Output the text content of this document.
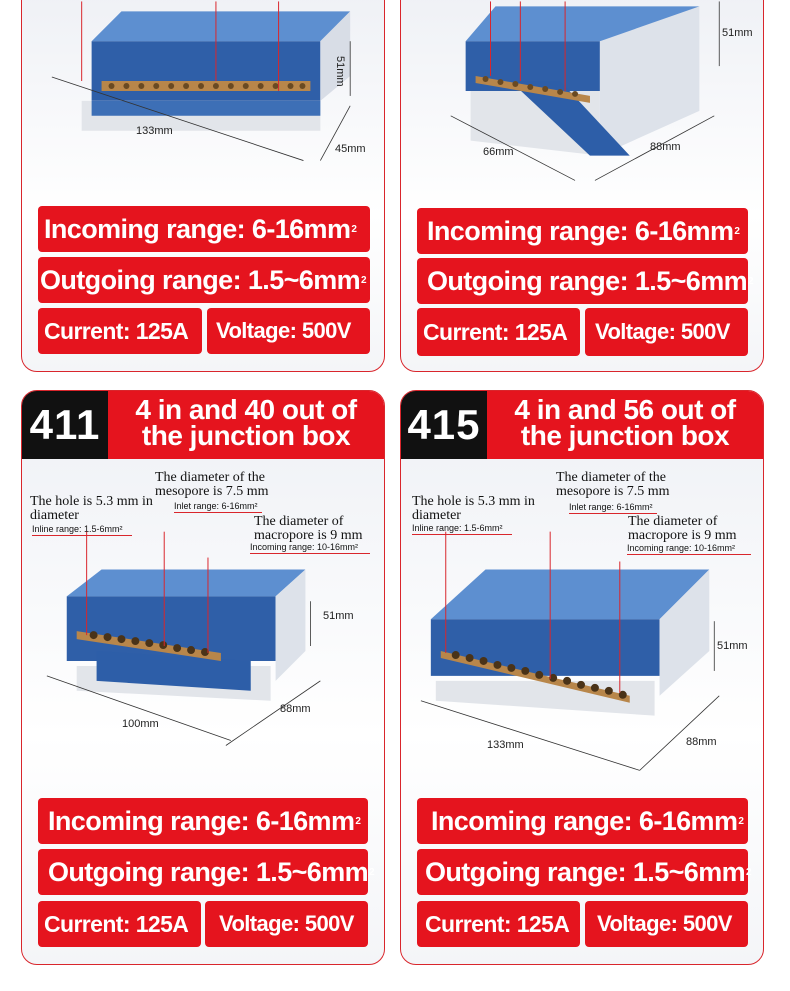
133mm
51mm
45mm
Incoming range: 6-16mm 2
Outgoing range: 1.5~6mm 2
Current: 125A Voltage: 500V
51mm
66mm	88mm
Incoming range: 6-16mm 2
Outgoing range: 1.5~6mm 2
Current: 125A Voltage: 500V
411	4 in and 40 out of the junction box
The diameter of the mesopore is 7.5 mm
Inlet range: 6-16mm²
The hole is 5.3 mm in diameter
Inline range: 1.5-6mm²	The diameter of macropore is 9 mm
Incoming range: 10-16mm²
51mm
100mm
88mm
Incoming range: 6-16mm 2
Outgoing range: 1.5~6mm 2
Current: 125A Voltage: 500V
415	4 in and 56 out of the junction box
The diameter of the mesopore is 7.5 mm
Inlet range: 6-16mm²
The hole is 5.3 mm in diameter
Inline range: 1.5-6mm²	The diameter of macropore is 9 mm
Incoming range: 10-16mm²
51mm
133mm	88mm
Incoming range: 6-16mm 2
Outgoing range: 1.5~6mm 2
Current: 125A Voltage: 500V
